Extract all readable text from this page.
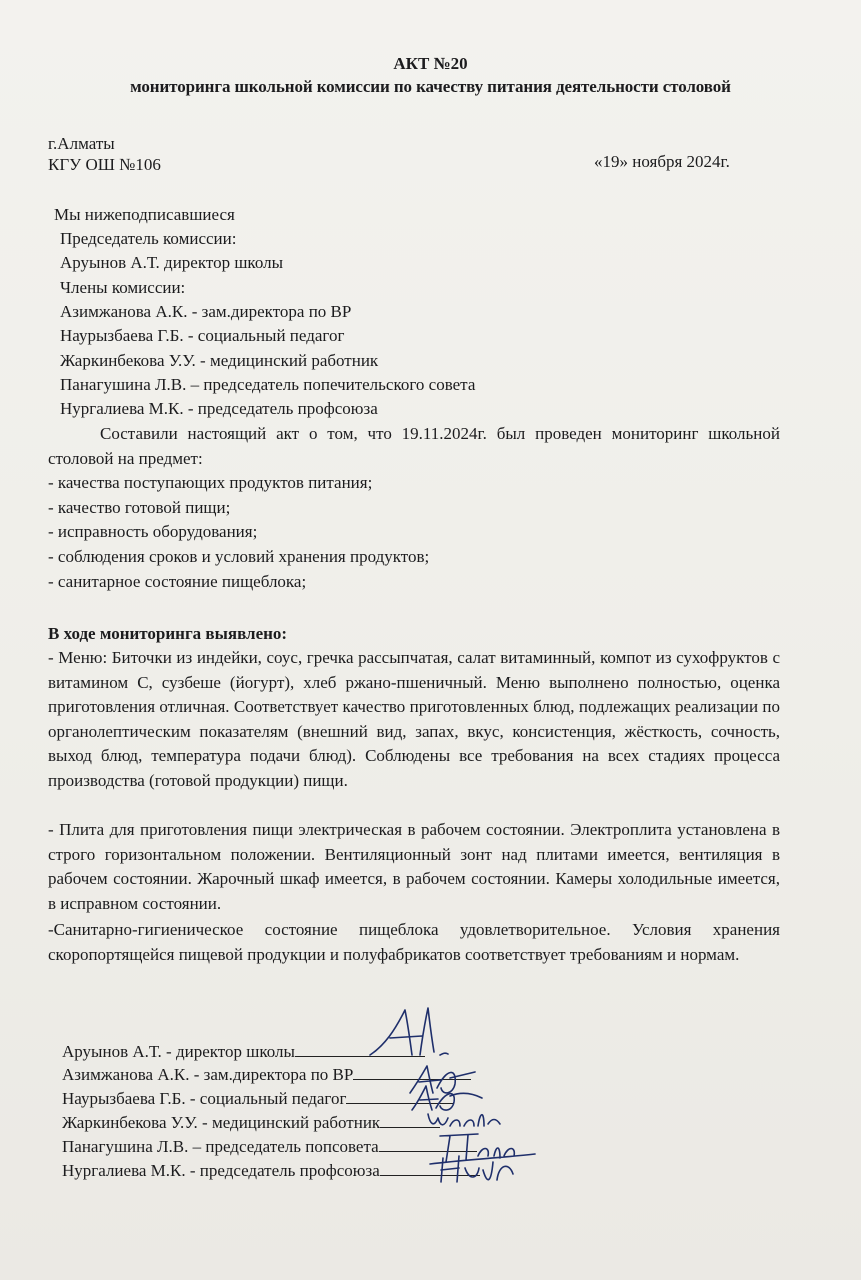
АКТ №20
мониторинга школьной комиссии по качеству питания деятельности столовой
г.Алматы
КГУ ОШ №106	«19» ноября 2024г.
Мы нижеподписавшиеся
Председатель комиссии:
Аруынов А.Т. директор школы
Члены комиссии:
Азимжанова А.К. - зам.директора по ВР
Наурызбаева Г.Б. - социальный педагог
Жаркинбекова У.У. - медицинский работник
Панагушина Л.В. – председатель попечительского совета
Нургалиева М.К. - председатель профсоюза
Составили настоящий акт о том, что 19.11.2024г. был проведен мониторинг школьной столовой на предмет:
- качества поступающих продуктов питания;
- качество готовой пищи;
- исправность оборудования;
- соблюдения сроков и условий хранения продуктов;
- санитарное состояние пищеблока;
В ходе мониторинга выявлено:
- Меню: Биточки из индейки, соус, гречка рассыпчатая, салат витаминный, компот из сухофруктов с витамином С, сузбеше (йогурт), хлеб ржано-пшеничный. Меню выполнено полностью, оценка приготовления отличная. Соответствует качество приготовленных блюд, подлежащих реализации по органолептическим показателям (внешний вид, запах, вкус, консистенция, жёсткость, сочность, выход блюд, температура подачи блюд). Соблюдены все требования на всех стадиях процесса производства (готовой продукции) пищи.
- Плита для приготовления пищи электрическая в рабочем состоянии. Электроплита установлена в строго горизонтальном положении. Вентиляционный зонт над плитами имеется, вентиляция в рабочем состоянии. Жарочный шкаф имеется, в рабочем состоянии. Камеры холодильные имеется, в исправном состоянии.
-Санитарно-гигиеническое состояние пищеблока удовлетворительное. Условия хранения скоропортящейся пищевой продукции и полуфабрикатов соответствует требованиям и нормам.
Аруынов А.Т. - директор школы
Азимжанова А.К. - зам.директора по ВР
Наурызбаева Г.Б. - социальный педагог
Жаркинбекова У.У. - медицинский работник
Панагушина Л.В. – председатель попсовета
Нургалиева М.К. - председатель профсоюза
